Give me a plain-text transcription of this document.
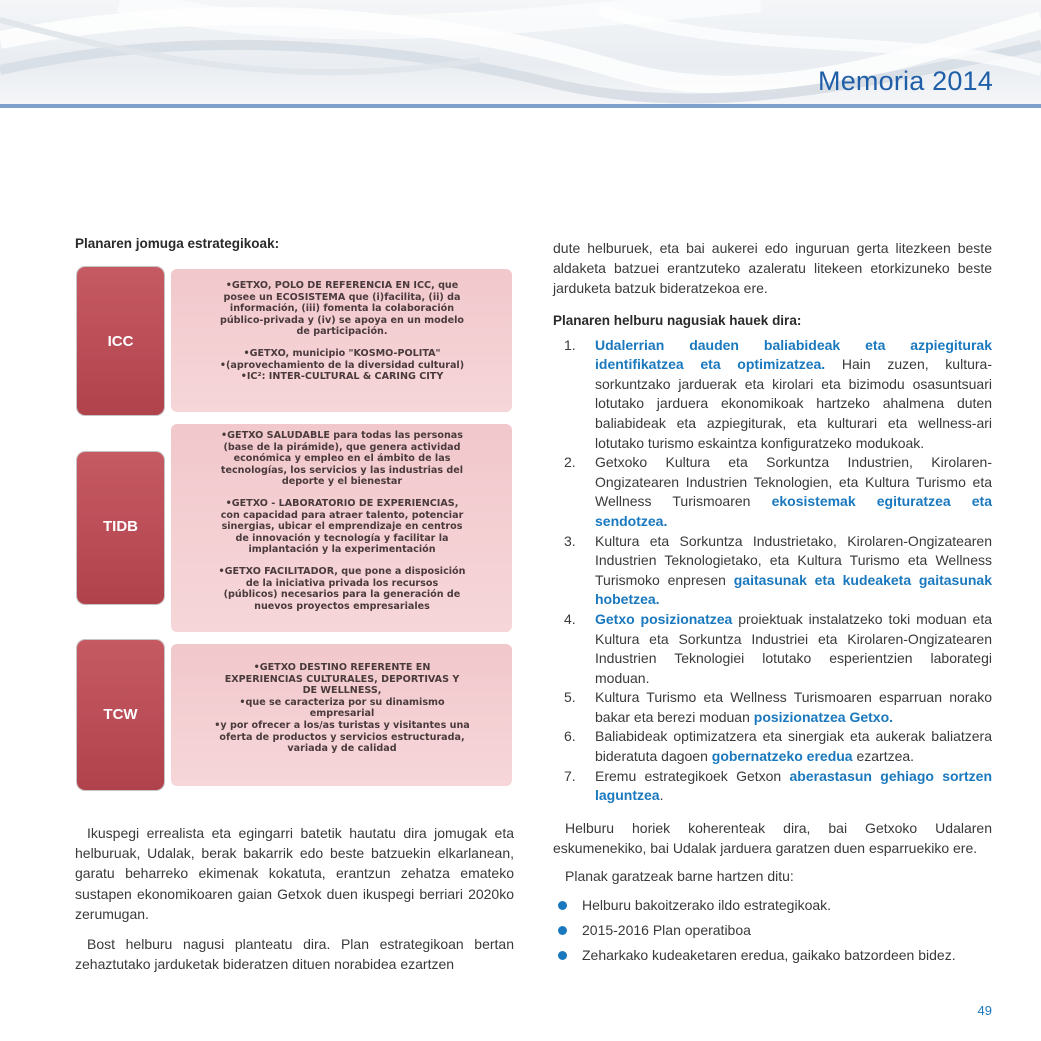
Memoria 2014

Planaren jomuga estrategikoak:

ICC

•GETXO, POLO DE REFERENCIA EN ICC, que

posee un ECOSISTEMA que (i)facilita, (ii) da

información, (iii) fomenta la colaboración

público-privada y (iv) se apoya en un modelo

de participación.

•GETXO, municipio "KOSMO-POLITA"

•(aprovechamiento de la diversidad cultural)

•IC²: INTER-CULTURAL & CARING CITY

TIDB

•GETXO SALUDABLE para todas las personas

(base de la pirámide), que genera actividad

económica y empleo en el ámbito de las

tecnologías, los servicios y las industrias del

deporte y el bienestar

•GETXO - LABORATORIO DE EXPERIENCIAS,

con capacidad para atraer talento, potenciar

sinergias, ubicar el emprendizaje en centros

de innovación y tecnología y facilitar la

implantación y la experimentación

•GETXO FACILITADOR, que pone a disposición

de la iniciativa privada los recursos

(públicos) necesarios para la generación de

nuevos proyectos empresariales

TCW

•GETXO DESTINO REFERENTE EN

EXPERIENCIAS CULTURALES, DEPORTIVAS Y

DE WELLNESS,

•que se caracteriza por su dinamismo

empresarial

•y por ofrecer a los/as turistas y visitantes una

oferta de productos y servicios estructurada,

variada y de calidad

Ikuspegi errealista eta egingarri batetik hautatu dira jomugak eta helburuak, Udalak, berak bakarrik edo beste batzuekin elkarlanean, garatu beharreko ekimenak kokatuta, erantzun zehatza emateko sustapen ekonomikoaren gaian Getxok duen ikuspegi berriari 2020ko zerumugan.

Bost helburu nagusi planteatu dira. Plan estrategikoan bertan zehaztutako jarduketak bideratzen dituen norabidea ezartzen

dute helburuek, eta bai aukerei edo inguruan gerta litezkeen beste aldaketa batzuei erantzuteko azaleratu litekeen etorkizuneko beste jarduketa batzuk bideratzekoa ere.

Planaren helburu nagusiak hauek dira:

1. Udalerrian dauden baliabideak eta azpiegiturak identifikatzea eta optimizatzea. Hain zuzen, kultura-sorkuntzako jarduerak eta kirolari eta bizimodu osasuntsuari lotutako jarduera ekonomikoak hartzeko ahalmena duten baliabideak eta azpiegiturak, eta kulturari eta wellness-ari lotutako turismo eskaintza konfiguratzeko modukoak.
2. Getxoko Kultura eta Sorkuntza Industrien, Kirolaren-Ongizatearen Industrien Teknologien, eta Kultura Turismo eta Wellness Turismoaren ekosistemak egituratzea eta sendotzea.
3. Kultura eta Sorkuntza Industrietako, Kirolaren-Ongizatearen Industrien Teknologietako, eta Kultura Turismo eta Wellness Turismoko enpresen gaitasunak eta kudeaketa gaitasunak hobetzea.
4. Getxo posizionatzea proiektuak instalatzeko toki moduan eta Kultura eta Sorkuntza Industriei eta Kirolaren-Ongizatearen Industrien Teknologiei lotutako esperientzien laborategi moduan.
5. Kultura Turismo eta Wellness Turismoaren esparruan norako bakar eta berezi moduan posizionatzea Getxo.
6. Baliabideak optimizatzera eta sinergiak eta aukerak baliatzera bideratuta dagoen gobernatzeko eredua ezartzea.
7. Eremu estrategikoek Getxon aberastasun gehiago sortzen laguntzea.

Helburu horiek koherenteak dira, bai Getxoko Udalaren eskumenekiko, bai Udalak jarduera garatzen duen esparruekiko ere.

Planak garatzeak barne hartzen ditu:

Helburu bakoitzerako ildo estrategikoak.
2015-2016 Plan operatiboa
Zeharkako kudeaketaren eredua, gaikako batzordeen bidez.
49
